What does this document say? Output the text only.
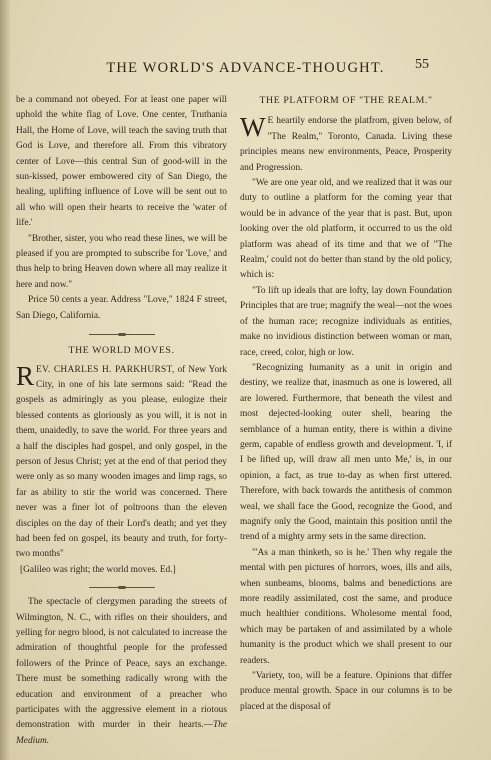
THE WORLD'S ADVANCE-THOUGHT.	55

be a command not obeyed. For at least one paper will uphold the white flag of Love. One center, Truthania Hall, the Home of Love, will teach the saving truth that God is Love, and therefore all. From this vibratory center of Love—this central Sun of good-will in the sun-kissed, power embowered city of San Diego, the healing, uplifting influence of Love will be sent out to all who will open their hearts to receive the 'water of life.'

"Brother, sister, you who read these lines, we will be pleased if you are prompted to subscribe for 'Love,' and thus help to bring Heaven down where all may realize it here and now."

Price 50 cents a year. Address "Love," 1824 F street, San Diego, California.

THE WORLD MOVES.

REV. CHARLES H. PARKHURST, of New York City, in one of his late sermons said: "Read the gospels as admiringly as you please, eulogize their blessed contents as gloriously as you will, it is not in them, unaidedly, to save the world. For three years and a half the disciples had gospel, and only gospel, in the person of Jesus Christ; yet at the end of that period they were only as so many wooden images and limp rags, so far as ability to stir the world was concerned. There never was a finer lot of poltroons than the eleven disciples on the day of their Lord's death; and yet they had been fed on gospel, its beauty and truth, for forty-two months"

[Galileo was right; the world moves. Ed.]

The spectacle of clergymen parading the streets of Wilmington, N. C., with rifles on their shoulders, and yelling for negro blood, is not calculated to increase the admiration of thoughtful people for the professed followers of the Prince of Peace, says an exchange. There must be something radically wrong with the education and environment of a preacher who participates with the aggressive element in a riotous demonstration with murder in their hearts.—The Medium.

THE PLATFORM OF "THE REALM."

W E heartily endorse the platfrom, given below, of "The Realm," Toronto, Canada. Living these principles means new environments, Peace, Prosperity and Progression.

"We are one year old, and we realized that it was our duty to outline a platform for the coming year that would be in advance of the year that is past. But, upon looking over the old platform, it occurred to us the old platform was ahead of its time and that we of "The Realm,' could not do better than stand by the old policy, which is:

"To lift up ideals that are lofty, lay down Foundation Principles that are true; magnify the weal—not the woes of the human race; recognize individuals as entities, make no invidious distinction between woman or man, race, creed, color, high or low.

"Recognizing humanity as a unit in origin and destiny, we realize that, inasmuch as one is lowered, all are lowered. Furthermore, that beneath the vilest and most dejected-looking outer shell, bearing the semblance of a human entity, there is within a divine germ, capable of endless growth and development. 'I, if I be lifted up, will draw all men unto Me,' is, in our opinion, a fact, as true to-day as when first uttered. Therefore, with back towards the antithesis of common weal, we shall face the Good, recognize the Good, and magnify only the Good, maintain this position until the trend of a mighty army sets in the same direction.

"'As a man thinketh, so is he.' Then why regale the mental with pen pictures of horrors, woes, ills and ails, when sunbeams, blooms, balms and benedictions are more readily assimilated, cost the same, and produce much healthier conditions. Wholesome mental food, which may be partaken of and assimilated by a whole humanity is the product which we shall present to our readers.

"Variety, too, will be a feature. Opinions that differ produce mental growth. Space in our columns is to be placed at the disposal of
